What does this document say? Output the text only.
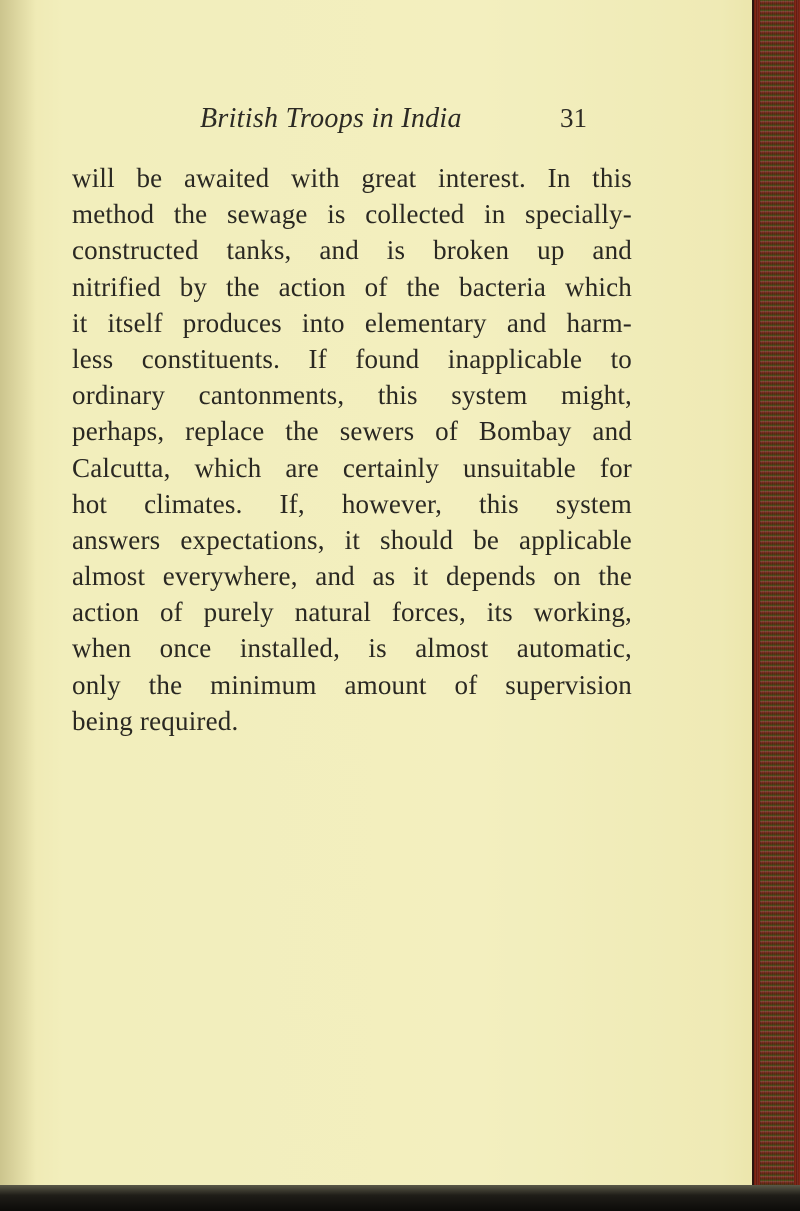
British Troops in India	31
will be awaited with great interest. In this
method the sewage is collected in specially-
constructed tanks, and is broken up and
nitrified by the action of the bacteria which
it itself produces into elementary and harm-
less constituents. If found inapplicable to
ordinary cantonments, this system might,
perhaps, replace the sewers of Bombay and
Calcutta, which are certainly unsuitable for
hot climates. If, however, this system
answers expectations, it should be applicable
almost everywhere, and as it depends on the
action of purely natural forces, its working,
when once installed, is almost automatic,
only the minimum amount of supervision
being required.
